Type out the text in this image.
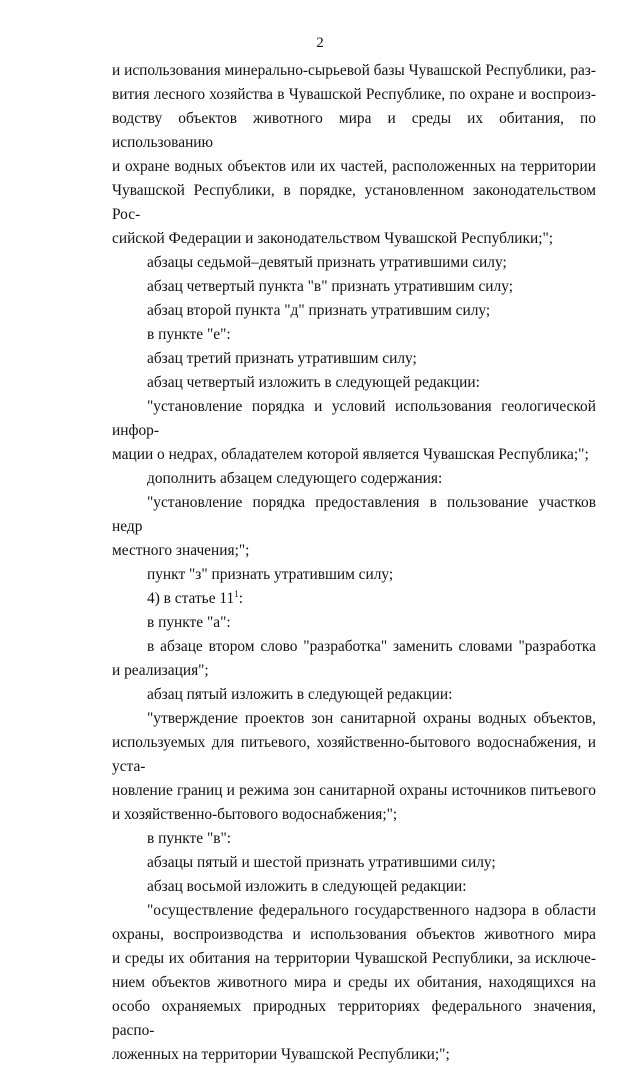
2

и использования минерально-сырьевой базы Чувашской Республики, раз-

вития лесного хозяйства в Чувашской Республике, по охране и воспроиз-

водству объектов животного мира и среды их обитания, по использованию

и охране водных объектов или их частей, расположенных на территории

Чувашской Республики, в порядке, установленном законодательством Рос-

сийской Федерации и законодательством Чувашской Республики;";

абзацы седьмой–девятый признать утратившими силу;

абзац четвертый пункта "в" признать утратившим силу;

абзац второй пункта "д" признать утратившим силу;

в пункте "е":

абзац третий признать утратившим силу;

абзац четвертый изложить в следующей редакции:

"установление порядка и условий использования геологической инфор-

мации о недрах, обладателем которой является Чувашская Республика;";

дополнить абзацем следующего содержания:

"установление порядка предоставления в пользование участков недр

местного значения;";

пункт "з" признать утратившим силу;

4) в статье $11^1$:

в пункте "а":

в абзаце втором слово "разработка" заменить словами "разработка

и реализация";

абзац пятый изложить в следующей редакции:

"утверждение проектов зон санитарной охраны водных объектов,

используемых для питьевого, хозяйственно-бытового водоснабжения, и уста-

новление границ и режима зон санитарной охраны источников питьевого

и хозяйственно-бытового водоснабжения;";

в пункте "в":

абзацы пятый и шестой признать утратившими силу;

абзац восьмой изложить в следующей редакции:

"осуществление федерального государственного надзора в области

охраны, воспроизводства и использования объектов животного мира

и среды их обитания на территории Чувашской Республики, за исключе-

нием объектов животного мира и среды их обитания, находящихся на

особо охраняемых природных территориях федерального значения, распо-

ложенных на территории Чувашской Республики;";
